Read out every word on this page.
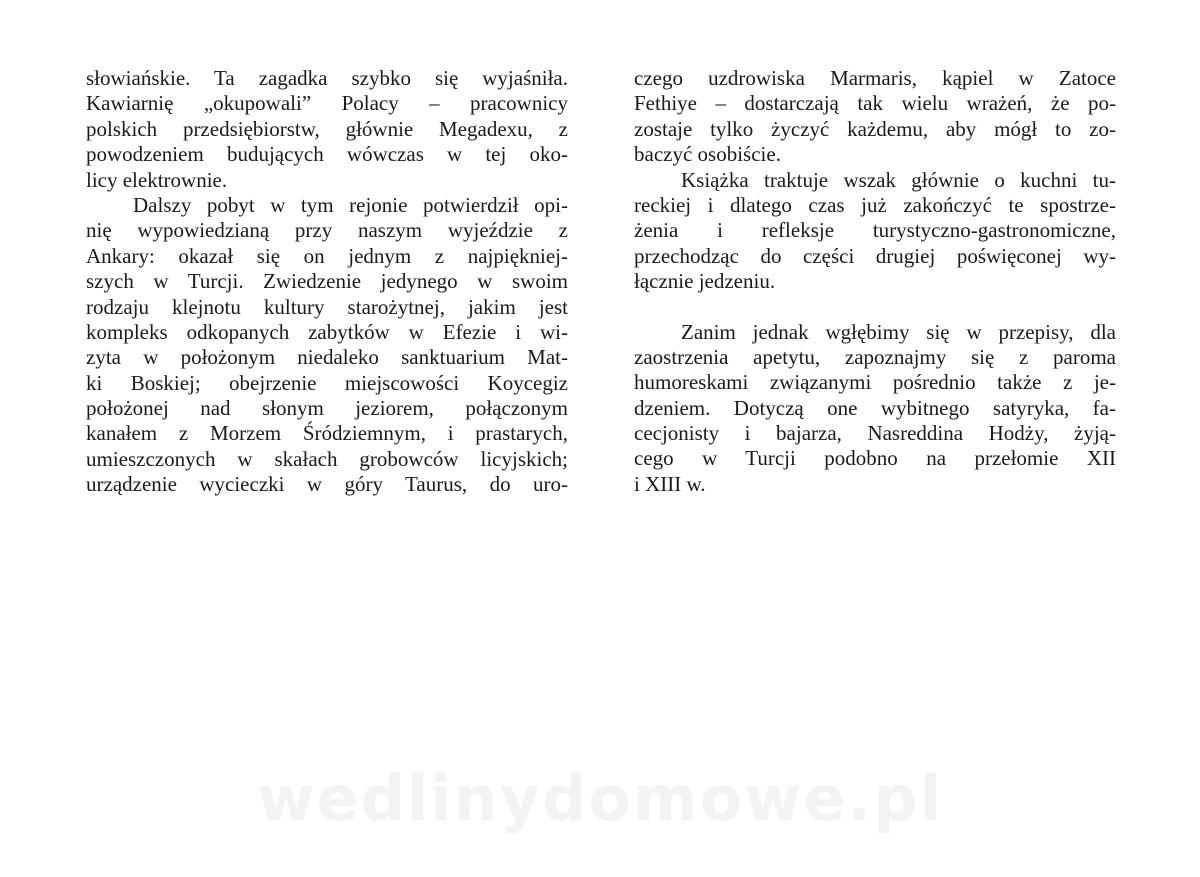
słowiańskie. Ta zagadka szybko się wyjaśniła.
Kawiarnię „okupowali” Polacy – pracownicy
polskich przedsiębiorstw, głównie Megadexu, z
powodzeniem budujących wówczas w tej oko-
licy elektrownie.
Dalszy pobyt w tym rejonie potwierdził opi-
nię wypowiedzianą przy naszym wyjeździe z
Ankary: okazał się on jednym z najpiękniej-
szych w Turcji. Zwiedzenie jedynego w swoim
rodzaju klejnotu kultury starożytnej, jakim jest
kompleks odkopanych zabytków w Efezie i wi-
zyta w położonym niedaleko sanktuarium Mat-
ki Boskiej; obejrzenie miejscowości Koycegiz
położonej nad słonym jeziorem, połączonym
kanałem z Morzem Śródziemnym, i prastarych,
umieszczonych w skałach grobowców licyjskich;
urządzenie wycieczki w góry Taurus, do uro-
czego uzdrowiska Marmaris, kąpiel w Zatoce
Fethiye – dostarczają tak wielu wrażeń, że po-
zostaje tylko życzyć każdemu, aby mógł to zo-
baczyć osobiście.
Książka traktuje wszak głównie o kuchni tu-
reckiej i dlatego czas już zakończyć te spostrze-
żenia i refleksje turystyczno-gastronomiczne,
przechodząc do części drugiej poświęconej wy-
łącznie jedzeniu.
Zanim jednak wgłębimy się w przepisy, dla
zaostrzenia apetytu, zapoznajmy się z paroma
humoreskami związanymi pośrednio także z je-
dzeniem. Dotyczą one wybitnego satyryka, fa-
cecjonisty i bajarza, Nasreddina Hodży, żyją-
cego w Turcji podobno na przełomie XII
i XIII w.
wedlinydomowe.pl
